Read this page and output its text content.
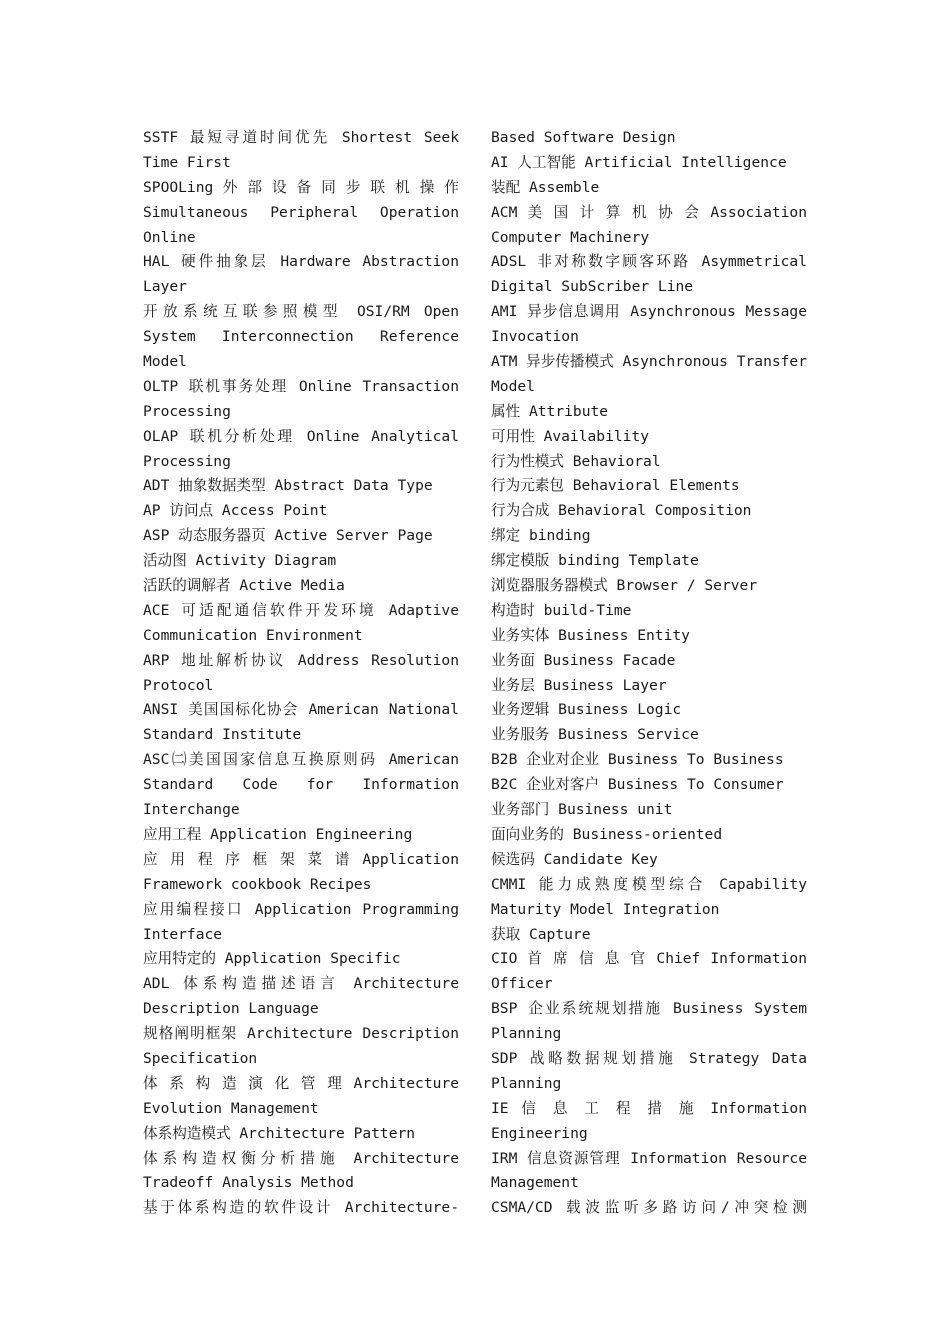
SSTF 最短寻道时间优先 Shortest Seek
Time First
SPOOLing 外 部 设 备 同 步 联 机 操 作
Simultaneous Peripheral Operation
Online
HAL 硬件抽象层 Hardware Abstraction
Layer
开放系统互联参照模型 OSI/RM Open
System Interconnection Reference
Model
OLTP 联机事务处理 Online Transaction
Processing
OLAP 联机分析处理 Online Analytical
Processing
ADT 抽象数据类型 Abstract Data Type
AP 访问点 Access Point
ASP 动态服务器页 Active Server Page
活动图 Activity Diagram
活跃的调解者 Active Media
ACE 可适配通信软件开发环境 Adaptive
Communication Environment
ARP 地址解析协议 Address Resolution
Protocol
ANSI 美国国标化协会 American National
Standard Institute
ASC㈡美国国家信息互换原则码 American
Standard Code for Information
Interchange
应用工程 Application Engineering
应 用 程 序 框 架 菜 谱 Application
Framework cookbook Recipes
应用编程接口 Application Programming
Interface
应用特定的 Application Specific
ADL 体系构造描述语言 Architecture
Description Language
规格阐明框架 Architecture Description
Specification
体 系 构 造 演 化 管 理 Architecture
Evolution Management
体系构造模式 Architecture Pattern
体系构造权衡分析措施 Architecture
Tradeoff Analysis Method
基于体系构造的软件设计 Architecture-
Based Software Design
AI 人工智能 Artificial Intelligence
装配 Assemble
ACM 美 国 计 算 机 协 会 Association
Computer Machinery
ADSL 非对称数字顾客环路 Asymmetrical
Digital SubScriber Line
AMI 异步信息调用 Asynchronous Message
Invocation
ATM 异步传播模式 Asynchronous Transfer
Model
属性 Attribute
可用性 Availability
行为性模式 Behavioral
行为元素包 Behavioral Elements
行为合成 Behavioral Composition
绑定 binding
绑定模版 binding Template
浏览器服务器模式 Browser / Server
构造时 build-Time
业务实体 Business Entity
业务面 Business Facade
业务层 Business Layer
业务逻辑 Business Logic
业务服务 Business Service
B2B 企业对企业 Business To Business
B2C 企业对客户 Business To Consumer
业务部门 Business unit
面向业务的 Business-oriented
候选码 Candidate Key
CMMI 能力成熟度模型综合 Capability
Maturity Model Integration
获取 Capture
CIO 首 席 信 息 官 Chief Information
Officer
BSP 企业系统规划措施 Business System
Planning
SDP 战略数据规划措施 Strategy Data
Planning
IE 信 息 工 程 措 施 Information
Engineering
IRM 信息资源管理 Information Resource
Management
CSMA/CD 载波监听多路访问/冲突检测
